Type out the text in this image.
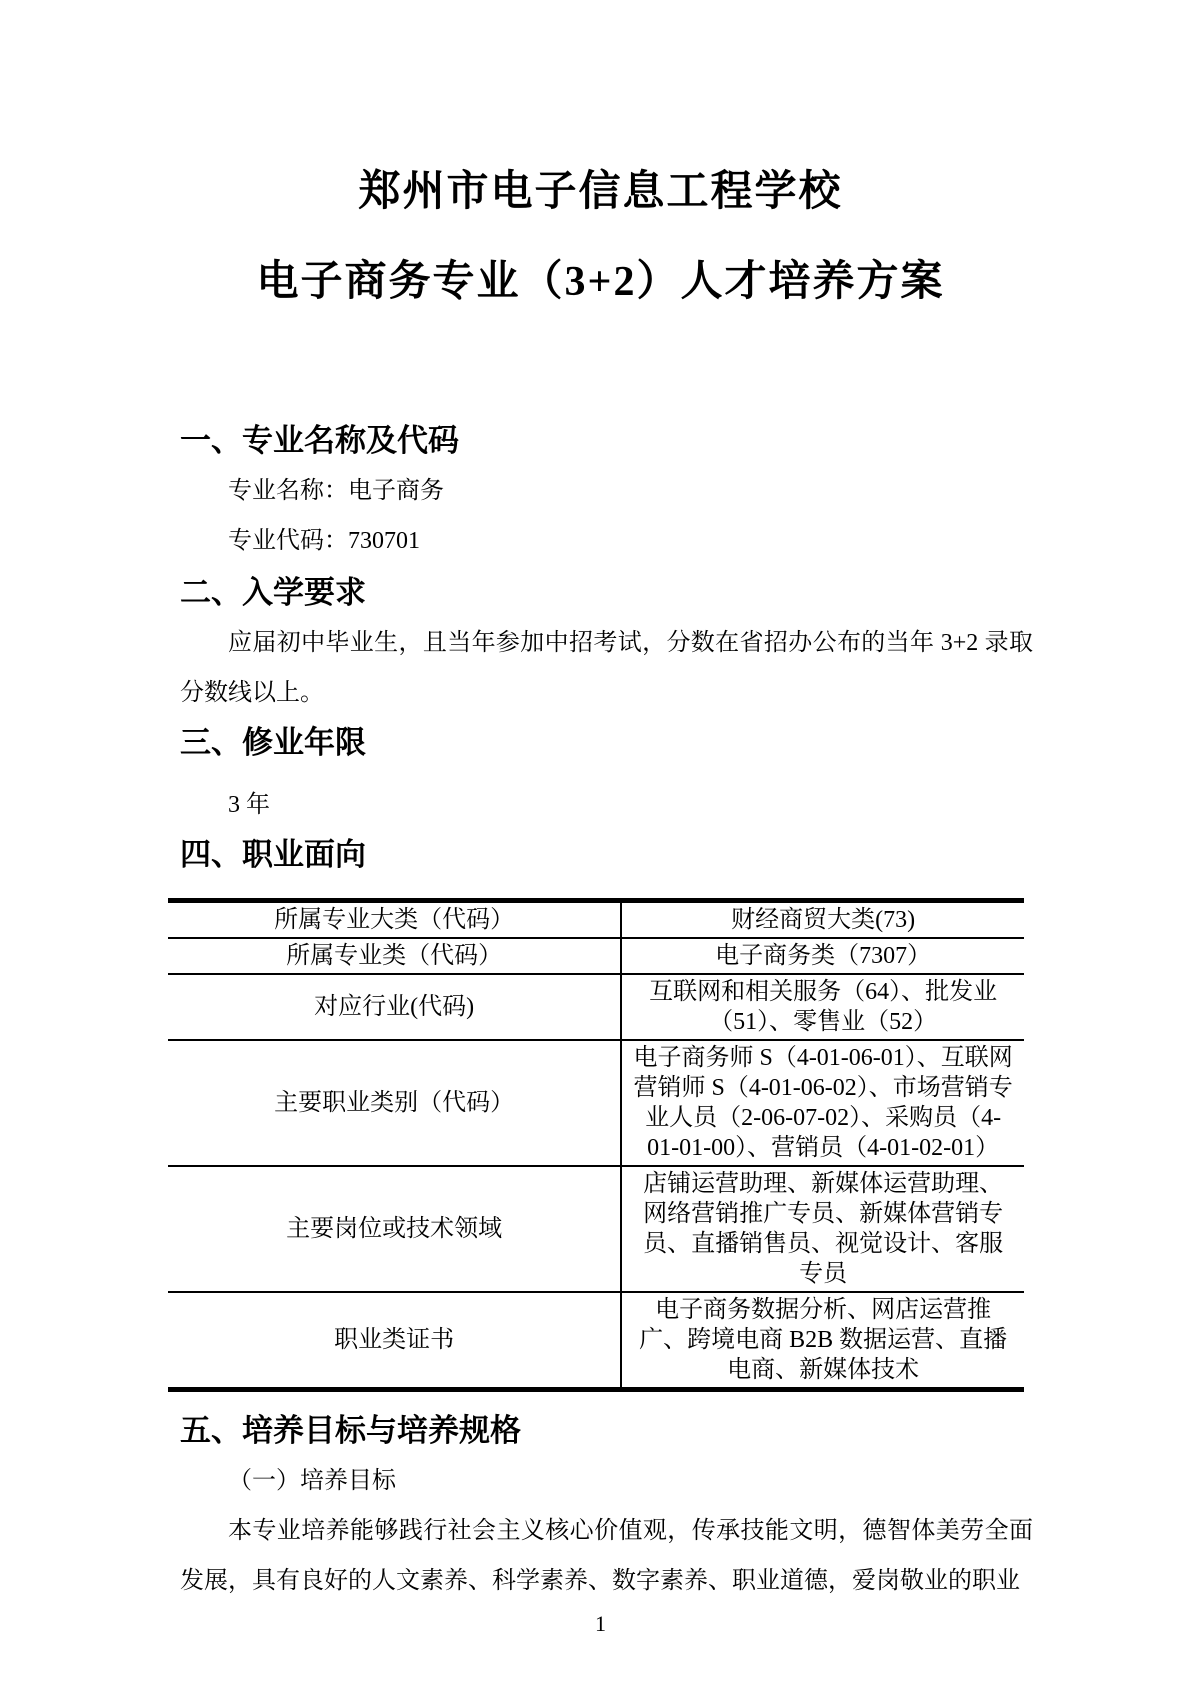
郑州市电子信息工程学校
电子商务专业（3+2）人才培养方案
一、专业名称及代码

专业名称：电子商务

专业代码：730701

二、入学要求

应届初中毕业生，且当年参加中招考试，分数在省招办公布的当年 3+2 录取分数线以上。

三、修业年限

3 年

四、职业面向
所属专业大类（代码）	财经商贸大类(73)
所属专业类（代码）	电子商务类（7307）
对应行业(代码)	互联网和相关服务（64）、批发业（51）、零售业（52）
主要职业类别（代码）	电子商务师 S（4-01-06-01）、互联网营销师 S（4-01-06-02）、市场营销专业人员（2-06-07-02）、采购员（4-01-01-00）、营销员（4-01-02-01）
主要岗位或技术领域	店铺运营助理、新媒体运营助理、网络营销推广专员、新媒体营销专员、直播销售员、视觉设计、客服专员
职业类证书	电子商务数据分析、网店运营推广、跨境电商 B2B 数据运营、直播电商、新媒体技术
五、培养目标与培养规格

（一）培养目标

本专业培养能够践行社会主义核心价值观，传承技能文明，德智体美劳全面发展，具有良好的人文素养、科学素养、数字素养、职业道德，爱岗敬业的职业

1
